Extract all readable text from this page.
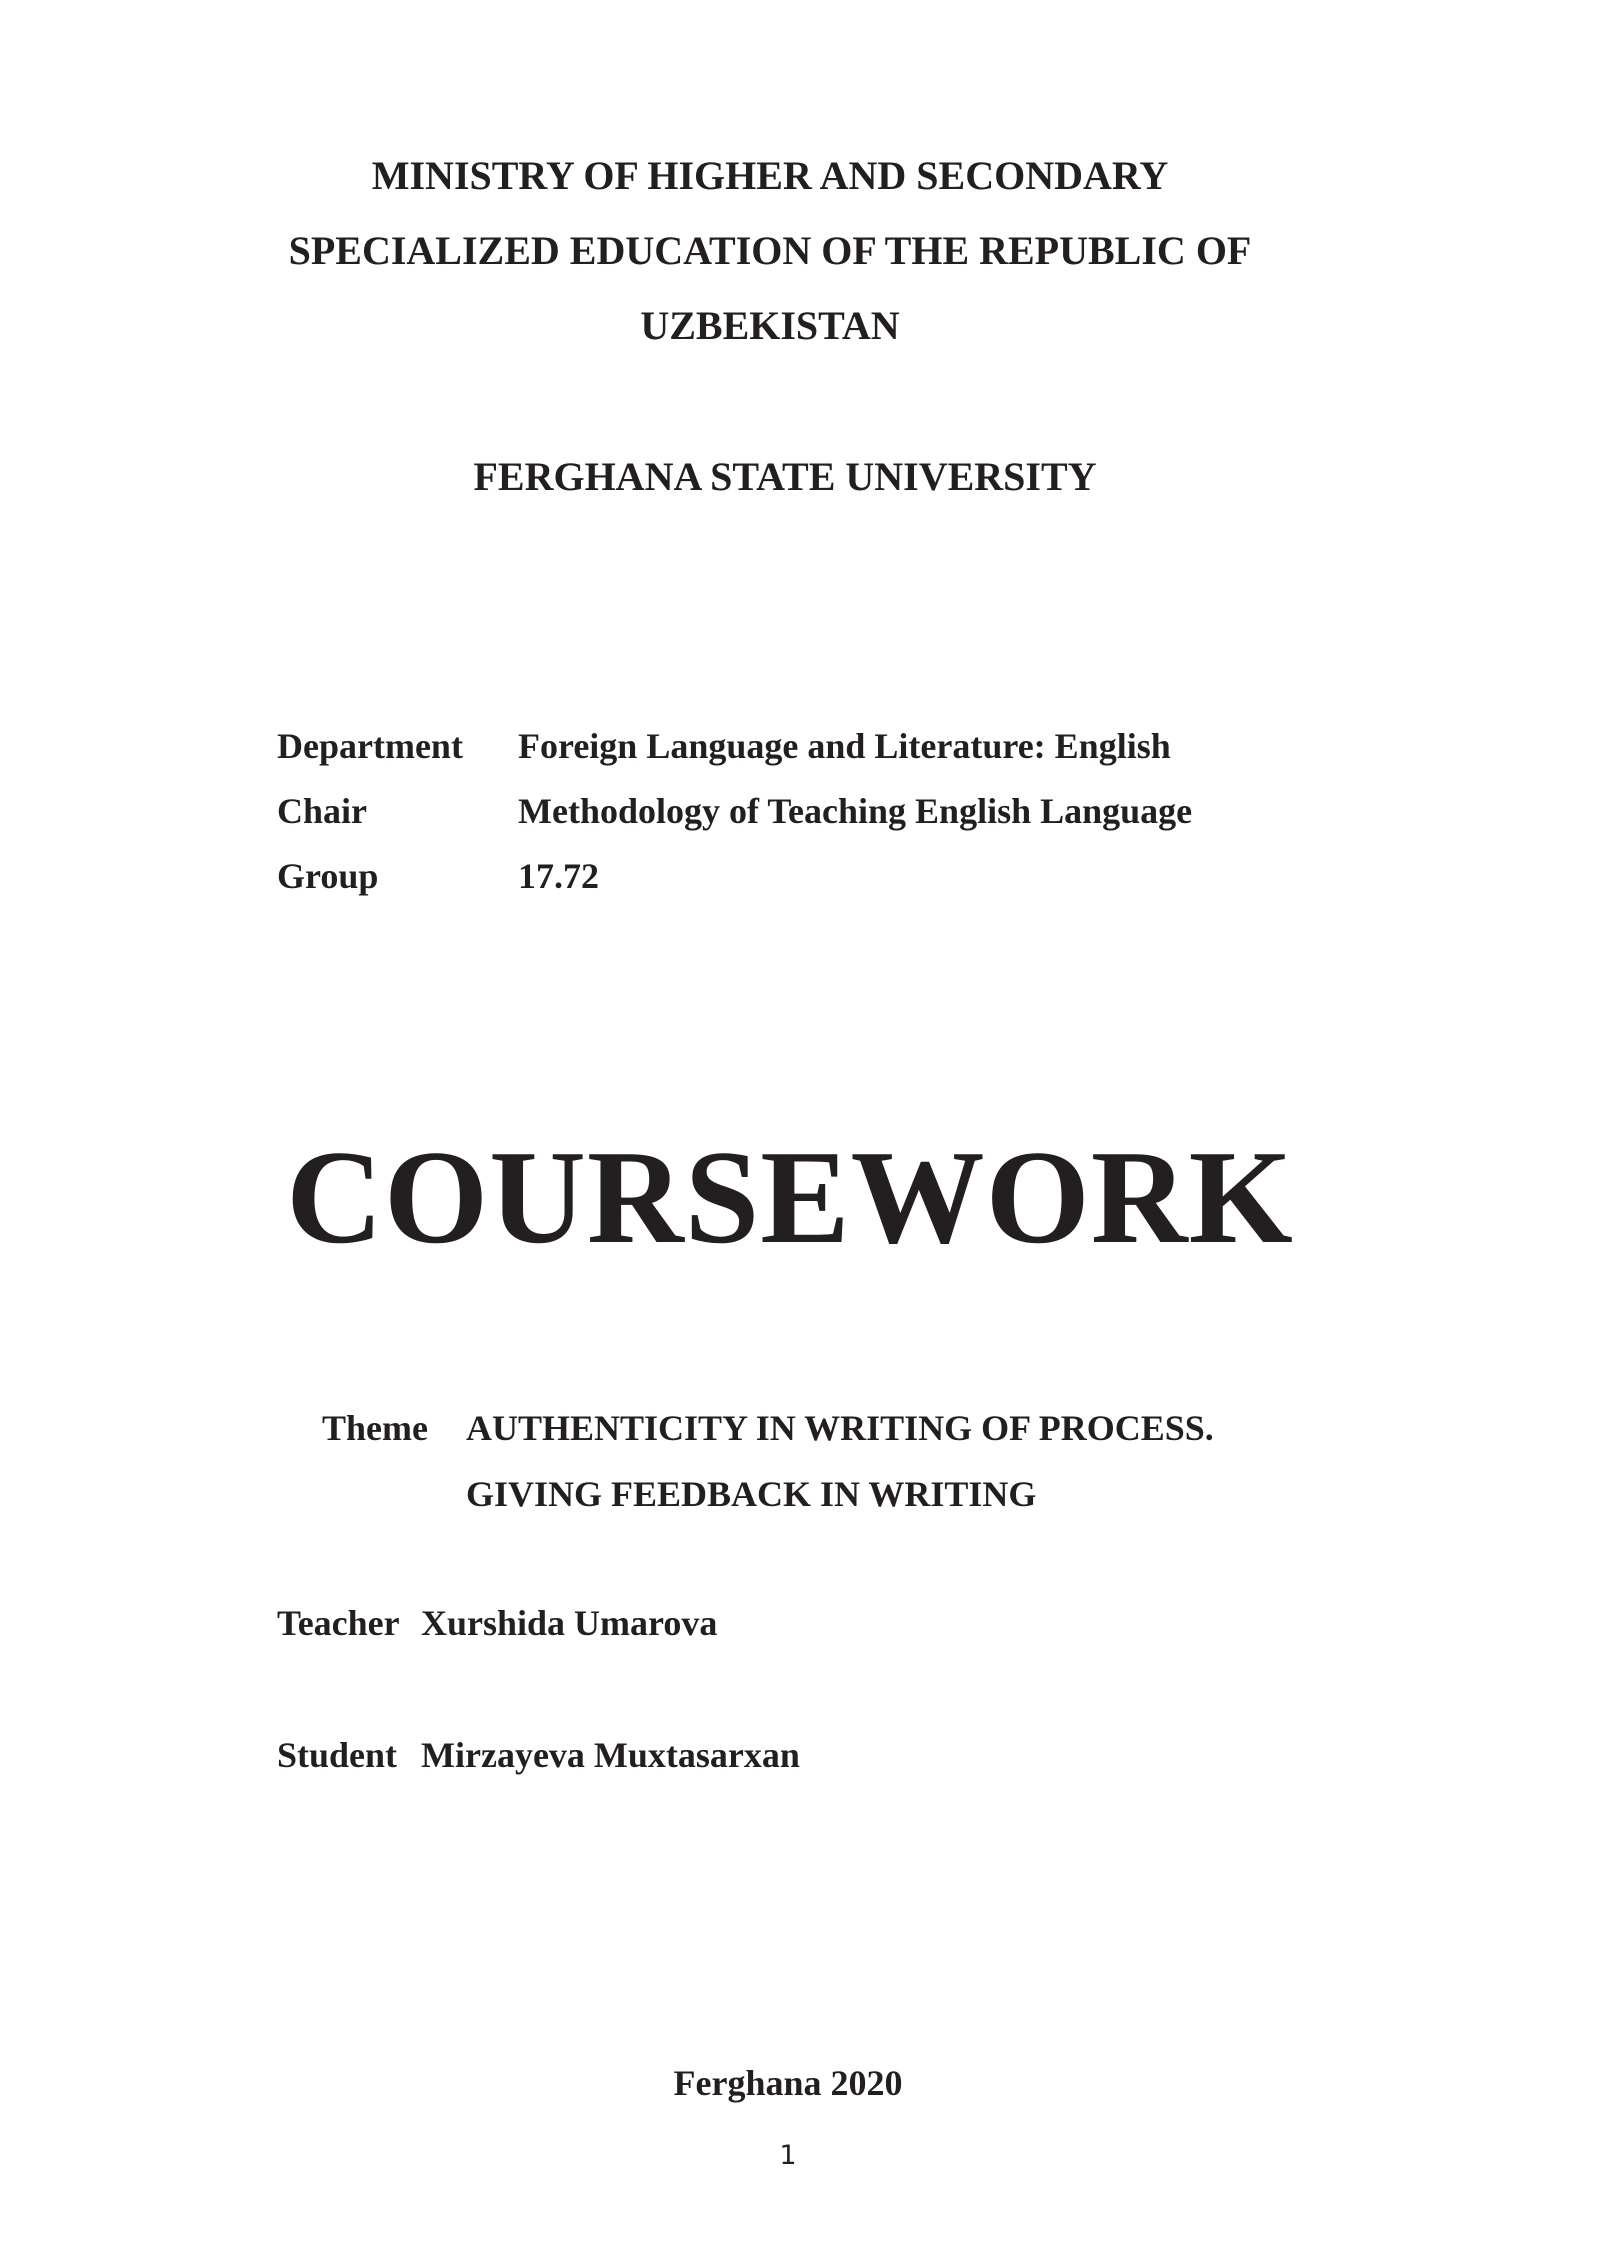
MINISTRY OF HIGHER AND SECONDARY
SPECIALIZED EDUCATION OF THE REPUBLIC OF
UZBEKISTAN
FERGHANA STATE UNIVERSITY
Department Foreign Language and Literature: English
Chair	Methodology of Teaching English Language
Group	17.72
COURSEWORK
Theme AUTHENTICITY IN WRITING OF PROCESS.
GIVING FEEDBACK IN WRITING
Teacher Xurshida Umarova
Student Mirzayeva Muxtasarxan
Ferghana 2020
1
